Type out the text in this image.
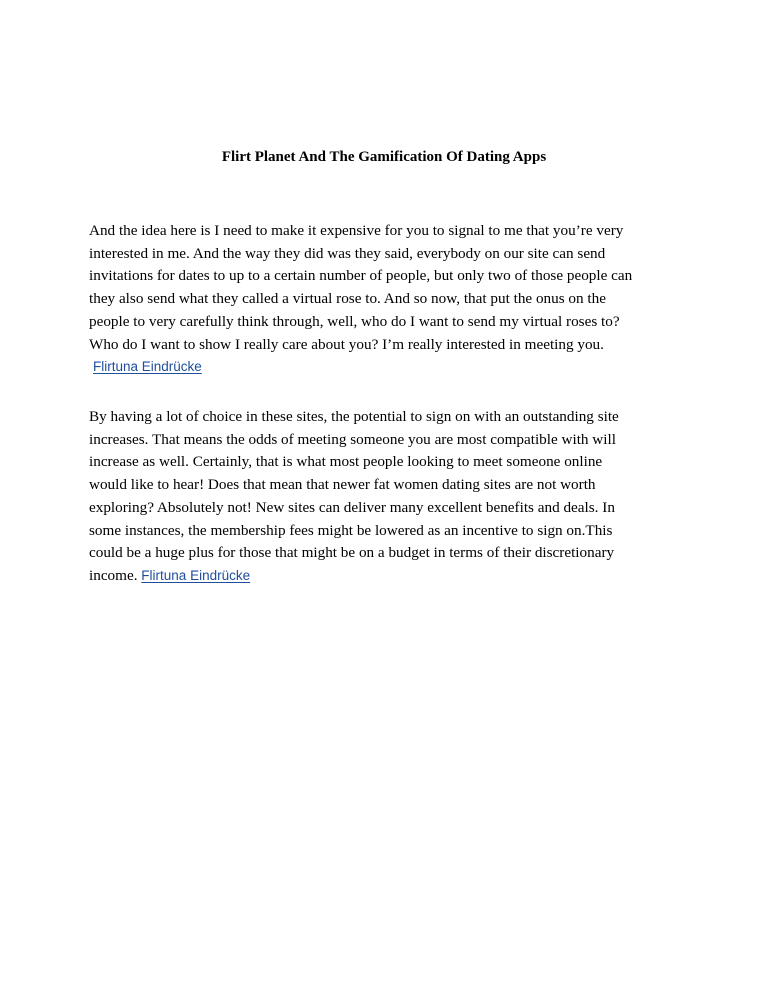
Flirt Planet And The Gamification Of Dating Apps
And the idea here is I need to make it expensive for you to signal to me that you’re very
interested in me. And the way they did was they said, everybody on our site can send
invitations for dates to up to a certain number of people, but only two of those people can
they also send what they called a virtual rose to. And so now, that put the onus on the
people to very carefully think through, well, who do I want to send my virtual roses to?
Who do I want to show I really care about you? I’m really interested in meeting you.
Flirtuna Eindrücke
By having a lot of choice in these sites, the potential to sign on with an outstanding site
increases. That means the odds of meeting someone you are most compatible with will
increase as well. Certainly, that is what most people looking to meet someone online
would like to hear! Does that mean that newer fat women dating sites are not worth
exploring? Absolutely not! New sites can deliver many excellent benefits and deals. In
some instances, the membership fees might be lowered as an incentive to sign on.This
could be a huge plus for those that might be on a budget in terms of their discretionary
income. Flirtuna Eindrücke
